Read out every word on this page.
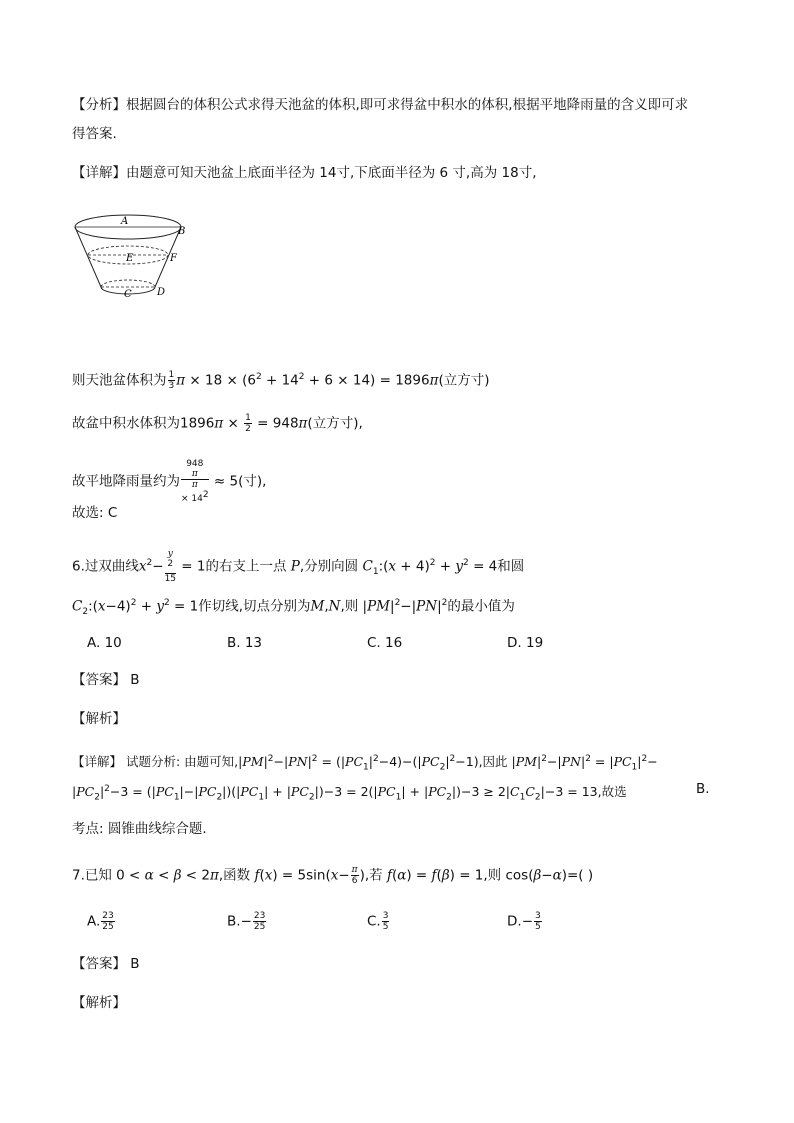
【分析】根据圆台的体积公式求得天池盆的体积,即可求得盆中积水的体积,根据平地降雨量的含义即可求
得答案.
【详解】由题意可知天池盆上底面半径为 14寸,下底面半径为 6 寸,高为 18寸,
A
B
E	F
C	D
则天池盆体积为 $\frac{1}{3}$ $\pi \times 18 \times (6^2 + 14^2 + 6 \times 14) = 1896\pi$(立方寸)
故盆中积水体积为$1896\pi \times \frac{1}{2} = 948\pi$(立方寸),
故平地降雨量约为 948
π
π
× $14^2 \approx 5$(寸),
故选: C
6.过双曲线$x^2- y$
$^2$
15 = 1的右支上一点 P,分别向圆 $C_1:(x + 4)^2 + y^2 = 4$和圆
$C_2:(x-4)^2 + y^2 = 1$作切线,切点分别为M,N,则 $|PM|^2-|PN|^2$的最小值为
A. 10	B. 13	C. 16	D. 19
【答案】 B
【解析】
【详解】 试题分析: 由题可知$,|PM|^2-|PN|^2 = (|PC_1|^2-4)-(|PC_2|^2-1)$,因此 $|PM|^2-|PN|^2 = |PC_1|^2-$
$|PC_2|^2-3 = (|PC_1|-|PC_2|)(|PC_1| + |PC_2|)-3 = 2(|PC_1| + |PC_2|)-3 \ge 2|C_1C_2|-3 = 13$,故选	B.
考点: 圆锥曲线综合题.
7.已知 0 < α < β < 2π,函数 $f(x) = 5\sin(x- \frac{\pi}{6}$ ),若 f(α) = f(β) = 1,则 cos(β−α)=( )
A. $\frac{23}{25}$	$B.- \frac{23}{25}$	C. $\frac{3}{5}$	$D.- \frac{3}{5}$
【答案】 B
【解析】
